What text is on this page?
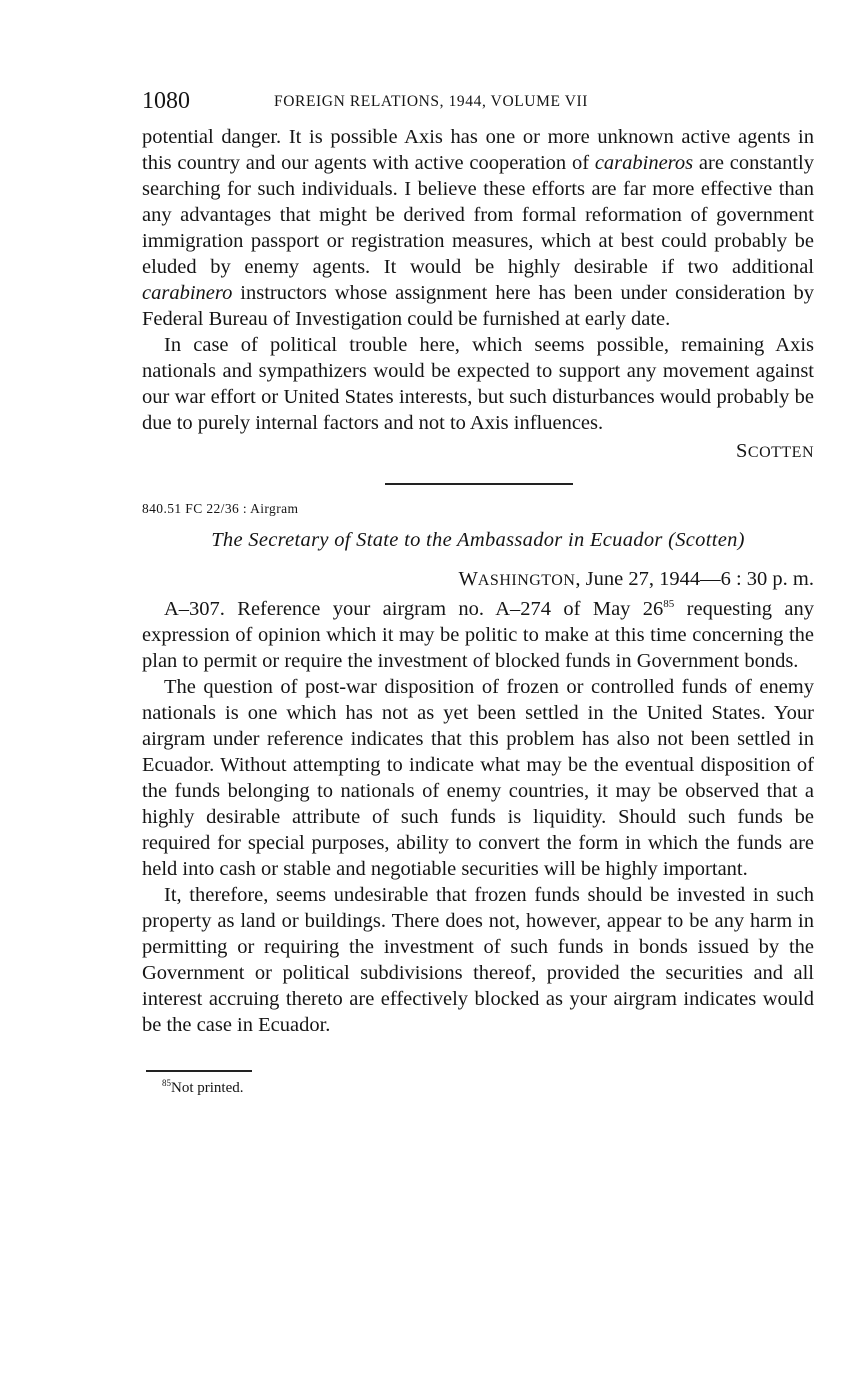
1080	FOREIGN RELATIONS, 1944, VOLUME VII

potential danger. It is possible Axis has one or more unknown active agents in this country and our agents with active cooperation of carabineros are constantly searching for such individuals. I believe these efforts are far more effective than any advantages that might be derived from formal reformation of government immigration passport or registration measures, which at best could probably be eluded by enemy agents. It would be highly desirable if two additional carabinero instructors whose assignment here has been under consideration by Federal Bureau of Investigation could be furnished at early date.

In case of political trouble here, which seems possible, remaining Axis nationals and sympathizers would be expected to support any movement against our war effort or United States interests, but such disturbances would probably be due to purely internal factors and not to Axis influences.

SCOTTEN
840.51 FC 22/36 : Airgram
The Secretary of State to the Ambassador in Ecuador (Scotten)
WASHINGTON, June 27, 1944—6 : 30 p. m.

A–307. Reference your airgram no. A–274 of May $26^{85}$ requesting any expression of opinion which it may be politic to make at this time concerning the plan to permit or require the investment of blocked funds in Government bonds.

The question of post-war disposition of frozen or controlled funds of enemy nationals is one which has not as yet been settled in the United States. Your airgram under reference indicates that this problem has also not been settled in Ecuador. Without attempting to indicate what may be the eventual disposition of the funds belonging to nationals of enemy countries, it may be observed that a highly desirable attribute of such funds is liquidity. Should such funds be required for special purposes, ability to convert the form in which the funds are held into cash or stable and negotiable securities will be highly important.

It, therefore, seems undesirable that frozen funds should be invested in such property as land or buildings. There does not, however, appear to be any harm in permitting or requiring the investment of such funds in bonds issued by the Government or political subdivisions thereof, provided the securities and all interest accruing thereto are effectively blocked as your airgram indicates would be the case in Ecuador.

$^{85}$Not printed.
